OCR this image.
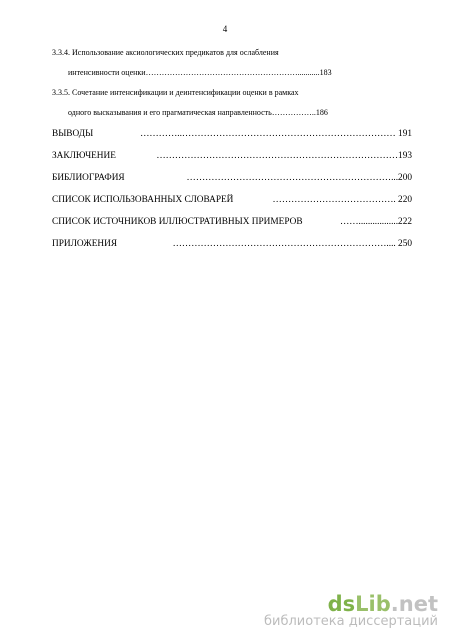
4
3.3.4. Использование аксиологических предикатов для ослабления
интенсивности оценки…………………………………………………...........183
3.3.5. Сочетание интенсификации и деинтенсификации оценки в рамках
одного высказывания и его прагматическая направленность……………..186
ВЫВОДЫ	…………..…………………………………………………………… 191
ЗАКЛЮЧЕНИЕ	……………………………………………………………………193
БИБЛИОГРАФИЯ	…………………………………………………………...200
СПИСОК ИСПОЛЬЗОВАННЫХ СЛОВАРЕЙ	…………………………………. 220
СПИСОК ИСТОЧНИКОВ ИЛЛЮСТРАТИВНЫХ ПРИМЕРОВ	…….................222
ПРИЛОЖЕНИЯ	…………………………………………………………….... 250
dsLib.net
библиотека диссертаций
